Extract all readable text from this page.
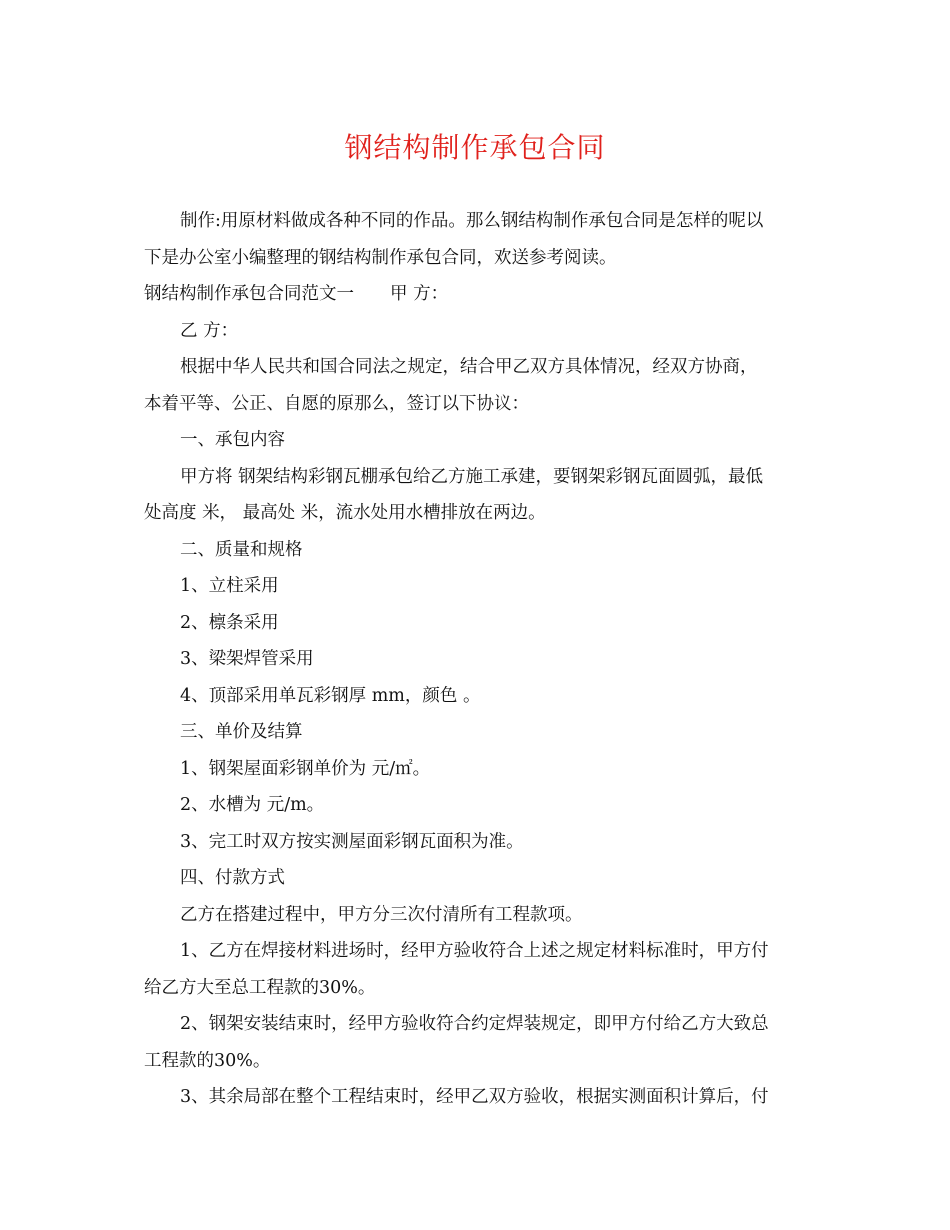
钢结构制作承包合同

制作:用原材料做成各种不同的作品。那么钢结构制作承包合同是怎样的呢以

下是办公室小编整理的钢结构制作承包合同，欢送参考阅读。

钢结构制作承包合同范文一 甲 方：

乙 方：

根据中华人民共和国合同法之规定，结合甲乙双方具体情况，经双方协商，

本着平等、公正、自愿的原那么，签订以下协议：

一、承包内容

甲方将 钢架结构彩钢瓦棚承包给乙方施工承建，要钢架彩钢瓦面圆弧，最低

处高度 米， 最高处 米，流水处用水槽排放在两边。

二、质量和规格

1、立柱采用

2、檩条采用

3、梁架焊管采用

4、顶部采用单瓦彩钢厚 mm，颜色 。

三、单价及结算

1、钢架屋面彩钢单价为 元/㎡。

2、水槽为 元/m。

3、完工时双方按实测屋面彩钢瓦面积为准。

四、付款方式

乙方在搭建过程中，甲方分三次付清所有工程款项。

1、乙方在焊接材料进场时，经甲方验收符合上述之规定材料标准时，甲方付

给乙方大至总工程款的30%。

2、钢架安装结束时，经甲方验收符合约定焊装规定，即甲方付给乙方大致总

工程款的30%。

3、其余局部在整个工程结束时，经甲乙双方验收，根据实测面积计算后，付
